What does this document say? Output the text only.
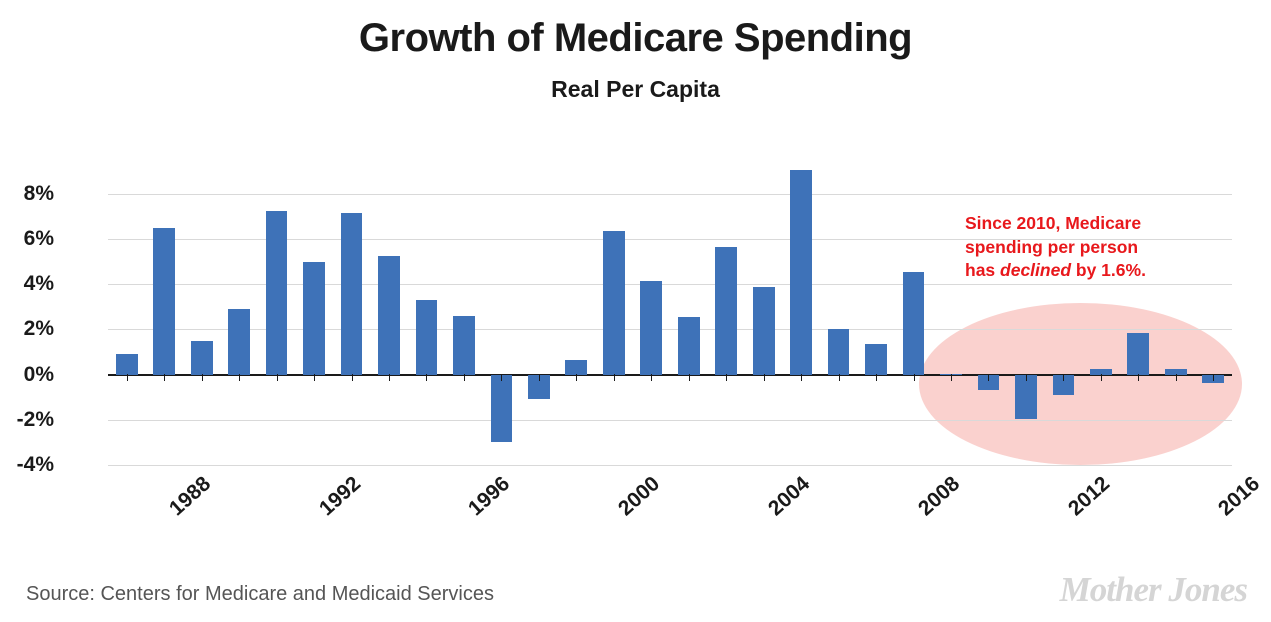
Growth of Medicare Spending
Real Per Capita
-4%
-2%
0%
2%
4%
6%
8%
1988	1992	1996	2000	2004	2008	2012	2016
Since 2010, Medicare
spending per person
has declined by 1.6%.
Source: Centers for Medicare and Medicaid Services	Mother Jones
